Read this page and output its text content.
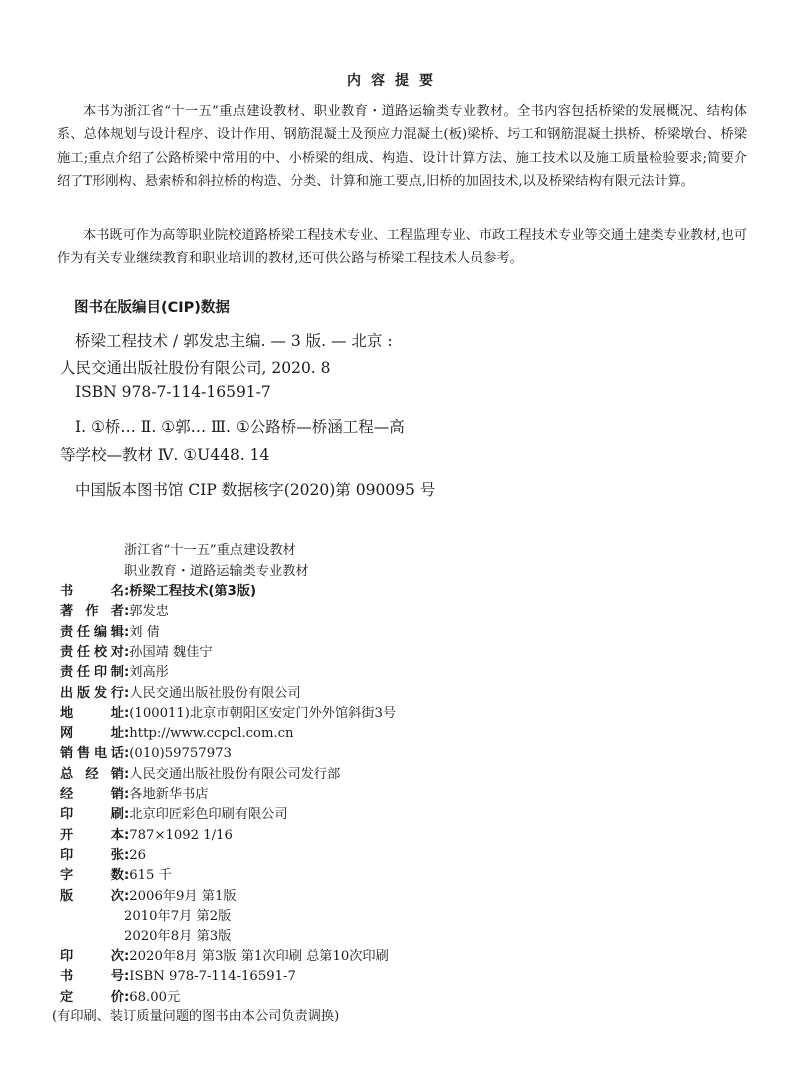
内容提要
本书为浙江省“十一五”重点建设教材、职业教育・道路运输类专业教材。全书内容包括桥梁的发展概况、结构体系、总体规划与设计程序、设计作用、钢筋混凝土及预应力混凝土(板)梁桥、圬工和钢筋混凝土拱桥、桥梁墩台、桥梁施工;重点介绍了公路桥梁中常用的中、小桥梁的组成、构造、设计计算方法、施工技术以及施工质量检验要求;简要介绍了T形刚构、悬索桥和斜拉桥的构造、分类、计算和施工要点,旧桥的加固技术,以及桥梁结构有限元法计算。
本书既可作为高等职业院校道路桥梁工程技术专业、工程监理专业、市政工程技术专业等交通土建类专业教材,也可作为有关专业继续教育和职业培训的教材,还可供公路与桥梁工程技术人员参考。
图书在版编目(CIP)数据
桥梁工程技术 / 郭发忠主编. — 3 版. — 北京 :
人民交通出版社股份有限公司, 2020. 8
ISBN 978-7-114-16591-7
Ⅰ. ①桥… Ⅱ. ①郭… Ⅲ. ①公路桥—桥涵工程—高
等学校—教材 Ⅳ. ①U448. 14
中国版本图书馆 CIP 数据核字(2020)第 090095 号
浙江省“十一五”重点建设教材
职业教育・道路运输类专业教材
书 名:桥梁工程技术(第3版)
著 作 者:郭发忠
责任编辑:刘 倩
责任校对:孙国靖 魏佳宁
责任印制:刘高彤
出版发行:人民交通出版社股份有限公司
地 址:(100011)北京市朝阳区安定门外外馆斜街3号
网 址:http://www.ccpcl.com.cn
销售电话:(010)59757973
总 经 销:人民交通出版社股份有限公司发行部
经 销:各地新华书店
印 刷:北京印匠彩色印刷有限公司
开 本:787×1092 1/16
印 张:26
字 数:615 千
版 次:2006年9月 第1版
2010年7月 第2版
2020年8月 第3版
印 次:2020年8月 第3版 第1次印刷 总第10次印刷
书 号:ISBN 978-7-114-16591-7
定 价:68.00元
(有印刷、装订质量问题的图书由本公司负责调换)
